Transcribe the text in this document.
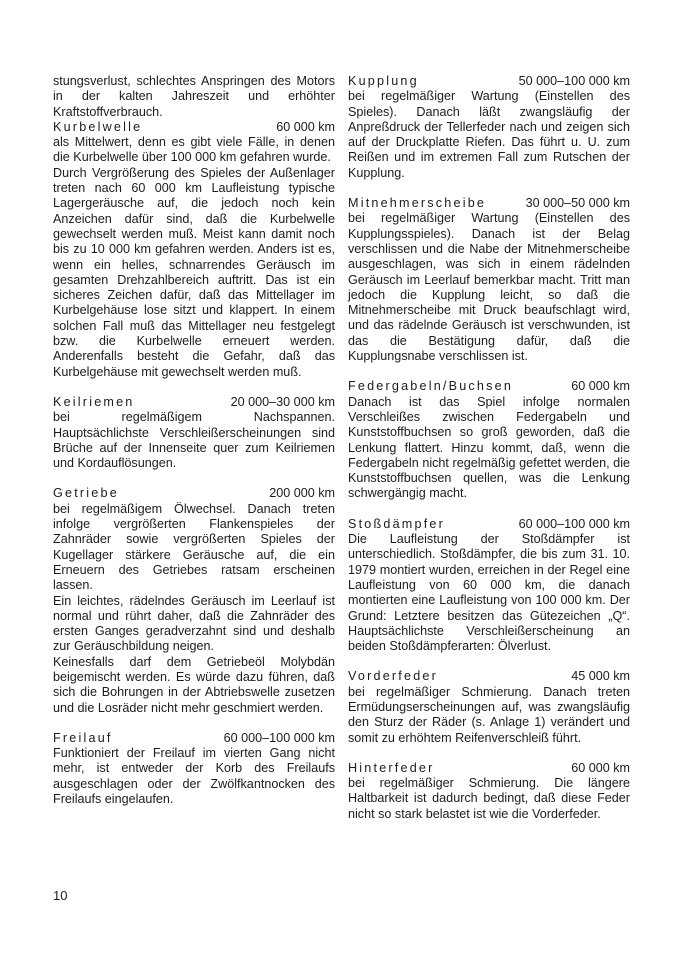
stungsverlust, schlechtes Anspringen des Motors in der kalten Jahreszeit und erhöhter Kraftstoffverbrauch.

Kurbelwelle	60 000 km

als Mittelwert, denn es gibt viele Fälle, in denen die Kurbelwelle über 100 000 km gefahren wurde.

Durch Vergrößerung des Spieles der Außenlager treten nach 60 000 km Laufleistung typische Lagergeräusche auf, die jedoch noch kein Anzeichen dafür sind, daß die Kurbelwelle gewechselt werden muß. Meist kann damit noch bis zu 10 000 km gefahren werden. Anders ist es, wenn ein helles, schnarrendes Geräusch im gesamten Drehzahlbereich auftritt. Das ist ein sicheres Zeichen dafür, daß das Mittellager im Kurbelgehäuse lose sitzt und klappert. In einem solchen Fall muß das Mittellager neu festgelegt bzw. die Kurbelwelle erneuert werden. Anderenfalls besteht die Gefahr, daß das Kurbelgehäuse mit gewechselt werden muß.

Keilriemen	20 000–30 000 km

bei regelmäßigem Nachspannen. Hauptsächlichste Verschleißerscheinungen sind Brüche auf der Innenseite quer zum Keilriemen und Kordauflösungen.

Getriebe	200 000 km

bei regelmäßigem Ölwechsel. Danach treten infolge vergrößerten Flankenspieles der Zahnräder sowie vergrößerten Spieles der Kugellager stärkere Geräusche auf, die ein Erneuern des Getriebes ratsam erscheinen lassen.

Ein leichtes, rädelndes Geräusch im Leerlauf ist normal und rührt daher, daß die Zahnräder des ersten Ganges geradverzahnt sind und deshalb zur Geräuschbildung neigen.

Keinesfalls darf dem Getriebeöl Molybdän beigemischt werden. Es würde dazu führen, daß sich die Bohrungen in der Abtriebswelle zusetzen und die Losräder nicht mehr geschmiert werden.

Freilauf	60 000–100 000 km

Funktioniert der Freilauf im vierten Gang nicht mehr, ist entweder der Korb des Freilaufs ausgeschlagen oder der Zwölfkantnocken des Freilaufs eingelaufen.

Kupplung	50 000–100 000 km

bei regelmäßiger Wartung (Einstellen des Spieles). Danach läßt zwangsläufig der Anpreßdruck der Tellerfeder nach und zeigen sich auf der Druckplatte Riefen. Das führt u. U. zum Reißen und im extremen Fall zum Rutschen der Kupplung.

Mitnehmerscheibe	30 000–50 000 km

bei regelmäßiger Wartung (Einstellen des Kupplungsspieles). Danach ist der Belag verschlissen und die Nabe der Mitnehmerscheibe ausgeschlagen, was sich in einem rädelnden Geräusch im Leerlauf bemerkbar macht. Tritt man jedoch die Kupplung leicht, so daß die Mitnehmerscheibe mit Druck beaufschlagt wird, und das rädelnde Geräusch ist verschwunden, ist das die Bestätigung dafür, daß die Kupplungsnabe verschlissen ist.

Federgabeln/Buchsen	60 000 km

Danach ist das Spiel infolge normalen Verschleißes zwischen Federgabeln und Kunststoffbuchsen so groß geworden, daß die Lenkung flattert. Hinzu kommt, daß, wenn die Federgabeln nicht regelmäßig gefettet werden, die Kunststoffbuchsen quellen, was die Lenkung schwergängig macht.

Stoßdämpfer	60 000–100 000 km

Die Laufleistung der Stoßdämpfer ist unterschiedlich. Stoßdämpfer, die bis zum 31. 10. 1979 montiert wurden, erreichen in der Regel eine Laufleistung von 60 000 km, die danach montierten eine Laufleistung von 100 000 km. Der Grund: Letztere besitzen das Gütezeichen „Q“. Hauptsächlichste Verschleißerscheinung an beiden Stoßdämpferarten: Ölverlust.

Vorderfeder	45 000 km

bei regelmäßiger Schmierung. Danach treten Ermüdungserscheinungen auf, was zwangsläufig den Sturz der Räder (s. Anlage 1) verändert und somit zu erhöhtem Reifenverschleiß führt.

Hinterfeder	60 000 km

bei regelmäßiger Schmierung. Die längere Haltbarkeit ist dadurch bedingt, daß diese Feder nicht so stark belastet ist wie die Vorderfeder.

10
